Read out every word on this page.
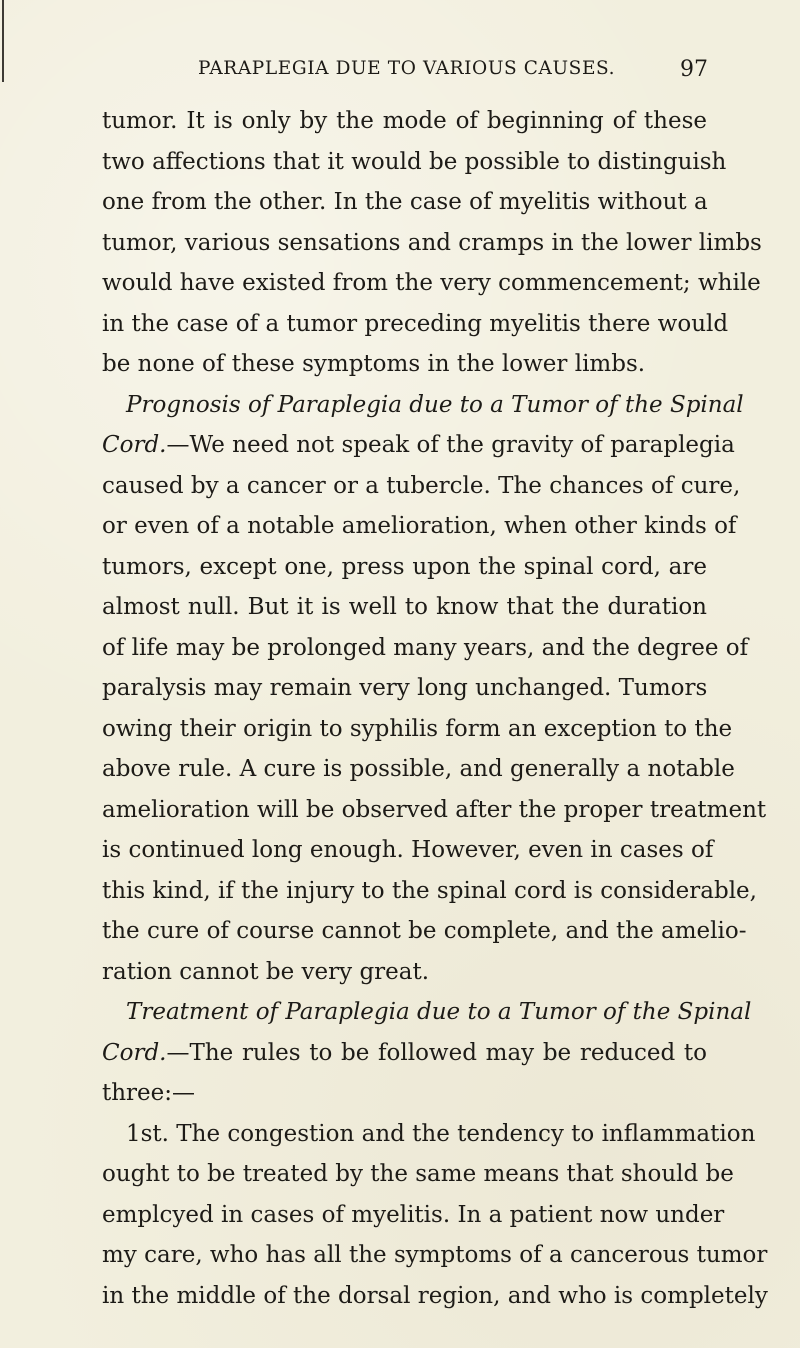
PARAPLEGIA DUE TO VARIOUS CAUSES.	97
tumor. It is only by the mode of beginning of these
two affections that it would be possible to distinguish
one from the other. In the case of myelitis without a
tumor, various sensations and cramps in the lower limbs
would have existed from the very commencement; while
in the case of a tumor preceding myelitis there would
be none of these symptoms in the lower limbs.
Prognosis of Paraplegia due to a Tumor of the Spinal
Cord.—We need not speak of the gravity of paraplegia
caused by a cancer or a tubercle. The chances of cure,
or even of a notable amelioration, when other kinds of
tumors, except one, press upon the spinal cord, are
almost null. But it is well to know that the duration
of life may be prolonged many years, and the degree of
paralysis may remain very long unchanged. Tumors
owing their origin to syphilis form an exception to the
above rule. A cure is possible, and generally a notable
amelioration will be observed after the proper treatment
is continued long enough. However, even in cases of
this kind, if the injury to the spinal cord is considerable,
the cure of course cannot be complete, and the amelio-
ration cannot be very great.
Treatment of Paraplegia due to a Tumor of the Spinal
Cord.—The rules to be followed may be reduced to
three:—
1st. The congestion and the tendency to inflammation
ought to be treated by the same means that should be
emplcyed in cases of myelitis. In a patient now under
my care, who has all the symptoms of a cancerous tumor
in the middle of the dorsal region, and who is completely
